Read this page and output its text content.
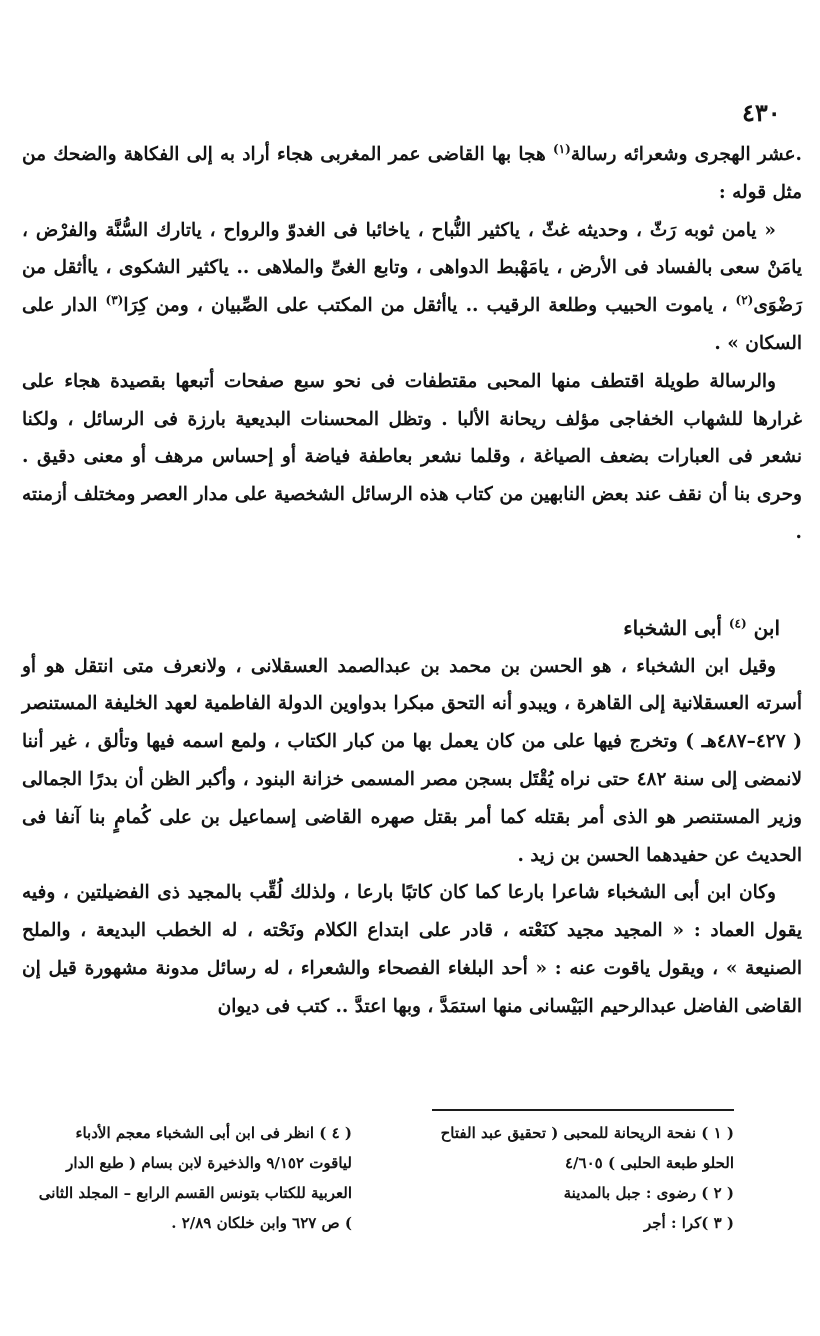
٤٣٠

.عشر الهجرى وشعرائه رسالة$^{(١)}$ هجا بها القاضى عمر المغربى هجاء أراد به إلى الفكاهة والضحك من مثل قوله :

« يامن ثوبه رَثّ ، وحديثه غثّ ، ياكثير النُّباح ، ياخائبا فى الغدوّ والرواح ، ياتارك السُّنَّة والفرْض ، يامَنْ سعى بالفساد فى الأرض ، يامَهْبط الدواهى ، وتابع الغىِّ والملاهى .. ياكثير الشكوى ، ياأثقل من رَضْوَى$^{(٢)}$ ، ياموت الحبيب وطلعة الرقيب .. ياأثقل من المكتب على الصِّبيان ، ومن كِرَا$^{(٣)}$ الدار على السكان » .

والرسالة طويلة اقتطف منها المحبى مقتطفات فى نحو سبع صفحات أتبعها بقصيدة هجاء على غرارها للشهاب الخفاجى مؤلف ريحانة الألبا . وتظل المحسنات البديعية بارزة فى الرسائل ، ولكنا نشعر فى العبارات بضعف الصياغة ، وقلما نشعر بعاطفة فياضة أو إحساس مرهف أو معنى دقيق . وحرى بنا أن نقف عند بعض النابهين من كتاب هذه الرسائل الشخصية على مدار العصر ومختلف أزمنته .

ابن $^{(٤)}$ أبى الشخباء

وقيل ابن الشخباء ، هو الحسن بن محمد بن عبدالصمد العسقلانى ، ولانعرف متى انتقل هو أو أسرته العسقلانية إلى القاهرة ، ويبدو أنه التحق مبكرا بدواوين الدولة الفاطمية لعهد الخليفة المستنصر ( ٤٢٧–٤٨٧هـ ) وتخرج فيها على من كان يعمل بها من كبار الكتاب ، ولمع اسمه فيها وتألق ، غير أننا لانمضى إلى سنة ٤٨٢ حتى نراه يُقْتَل بسجن مصر المسمى خزانة البنود ، وأكبر الظن أن بدرًا الجمالى وزير المستنصر هو الذى أمر بقتله كما أمر بقتل صهره القاضى إسماعيل بن على كُمامٍ بنا آنفا فى الحديث عن حفيدهما الحسن بن زيد .

وكان ابن أبى الشخباء شاعرا بارعا كما كان كاتبًا بارعا ، ولذلك لُقِّب بالمجيد ذى الفضيلتين ، وفيه يقول العماد : « المجيد مجيد كنَعْته ، قادر على ابتداع الكلام ونَحْته ، له الخطب البديعة ، والملح الصنيعة » ، ويقول ياقوت عنه : « أحد البلغاء الفصحاء والشعراء ، له رسائل مدونة مشهورة قيل إن القاضى الفاضل عبدالرحيم البَيْسانى منها استمَدَّ ، وبها اعتدَّ .. كتب فى ديوان

( ١ ) نفحة الريحانة للمحبى ( تحقيق عبد الفتاح الحلو طبعة الحلبى ) ٤/٦٠٥

( ٢ ) رضوى : جبل بالمدينة

( ٣ )كرا : أجر

( ٤ ) انظر فى ابن أبى الشخباء معجم الأدباء لياقوت ٩/١٥٢ والذخيرة لابن بسام ( طبع الدار العربية للكتاب بتونس القسم الرابع – المجلد الثانى ) ص ٦٢٧ وابن خلكان ٢/٨٩ .
